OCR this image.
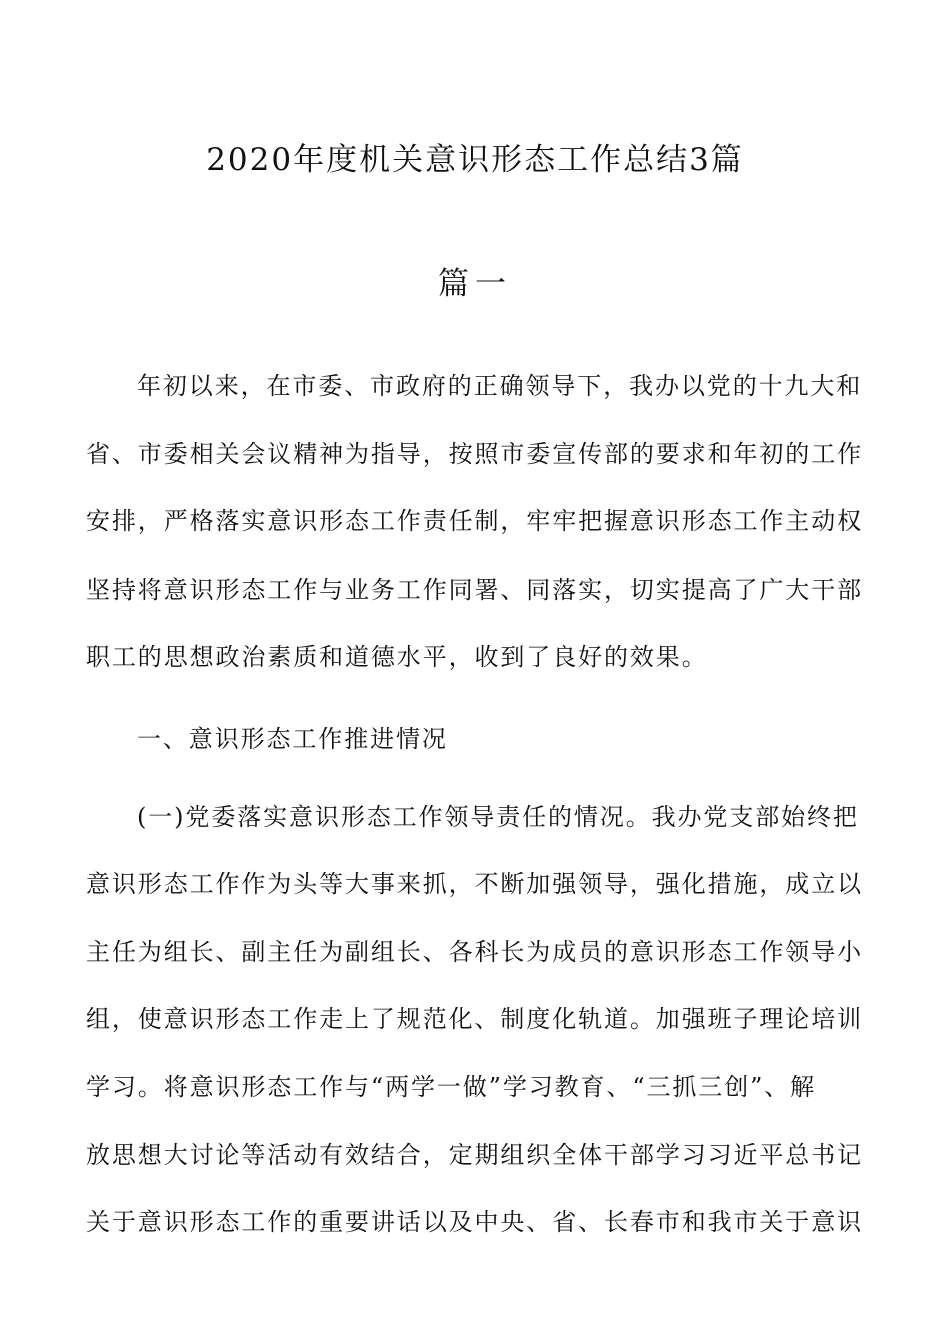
2020年度机关意识形态工作总结3篇
篇一
年初以来，在市委、市政府的正确领导下，我办以党的十九大和
省、市委相关会议精神为指导，按照市委宣传部的要求和年初的工作
安排，严格落实意识形态工作责任制，牢牢把握意识形态工作主动权
坚持将意识形态工作与业务工作同署、同落实，切实提高了广大干部
职工的思想政治素质和道德水平，收到了良好的效果。
一、意识形态工作推进情况
(一)党委落实意识形态工作领导责任的情况。我办党支部始终把
意识形态工作作为头等大事来抓，不断加强领导，强化措施，成立以
主任为组长、副主任为副组长、各科长为成员的意识形态工作领导小
组，使意识形态工作走上了规范化、制度化轨道。加强班子理论培训
学习。将意识形态工作与“两学一做”学习教育、“三抓三创”、解
放思想大讨论等活动有效结合，定期组织全体干部学习习近平总书记
关于意识形态工作的重要讲话以及中央、省、长春市和我市关于意识
